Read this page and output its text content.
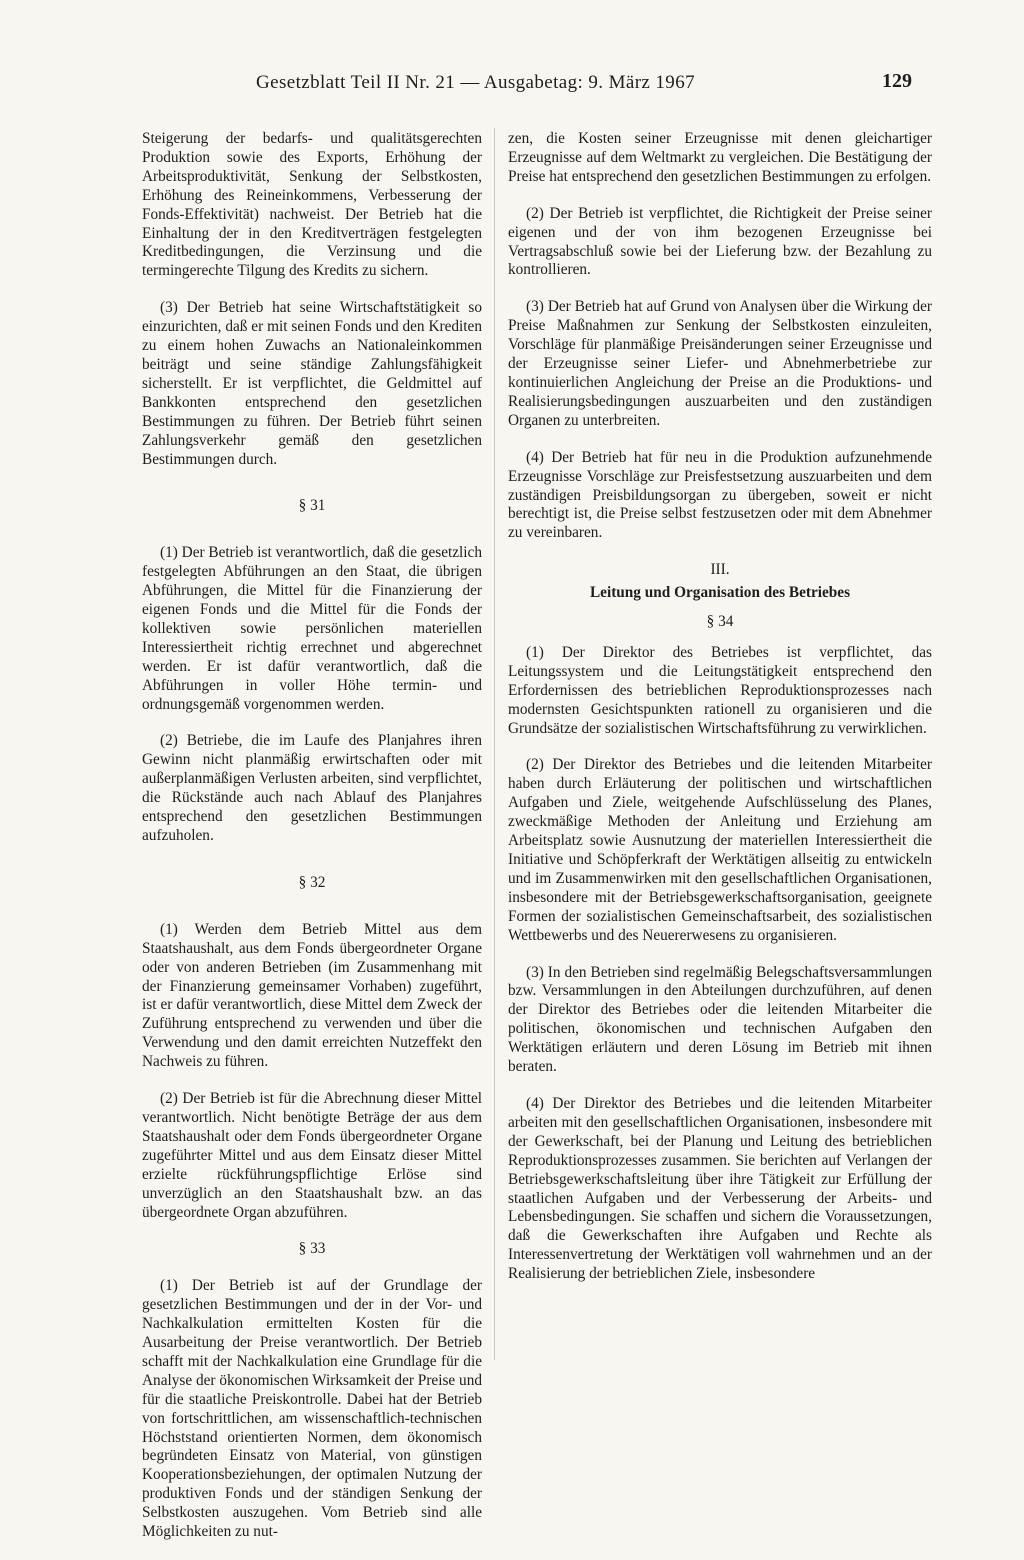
Gesetzblatt Teil II Nr. 21 — Ausgabetag: 9. März 1967	129

Steigerung der bedarfs- und qualitätsgerechten Produktion sowie des Exports, Erhöhung der Arbeitsproduktivität, Senkung der Selbstkosten, Erhöhung des Reineinkommens, Verbesserung der Fonds-Effektivität) nachweist. Der Betrieb hat die Einhaltung der in den Kreditverträgen festgelegten Kreditbedingungen, die Verzinsung und die termingerechte Tilgung des Kredits zu sichern.

(3) Der Betrieb hat seine Wirtschaftstätigkeit so einzurichten, daß er mit seinen Fonds und den Krediten zu einem hohen Zuwachs an Nationaleinkommen beiträgt und seine ständige Zahlungsfähigkeit sicherstellt. Er ist verpflichtet, die Geldmittel auf Bankkonten entsprechend den gesetzlichen Bestimmungen zu führen. Der Betrieb führt seinen Zahlungsverkehr gemäß den gesetzlichen Bestimmungen durch.

§ 31

(1) Der Betrieb ist verantwortlich, daß die gesetzlich festgelegten Abführungen an den Staat, die übrigen Abführungen, die Mittel für die Finanzierung der eigenen Fonds und die Mittel für die Fonds der kollektiven sowie persönlichen materiellen Interessiertheit richtig errechnet und abgerechnet werden. Er ist dafür verantwortlich, daß die Abführungen in voller Höhe termin- und ordnungsgemäß vorgenommen werden.

(2) Betriebe, die im Laufe des Planjahres ihren Gewinn nicht planmäßig erwirtschaften oder mit außerplanmäßigen Verlusten arbeiten, sind verpflichtet, die Rückstände auch nach Ablauf des Planjahres entsprechend den gesetzlichen Bestimmungen aufzuholen.

§ 32

(1) Werden dem Betrieb Mittel aus dem Staatshaushalt, aus dem Fonds übergeordneter Organe oder von anderen Betrieben (im Zusammenhang mit der Finanzierung gemeinsamer Vorhaben) zugeführt, ist er dafür verantwortlich, diese Mittel dem Zweck der Zuführung entsprechend zu verwenden und über die Verwendung und den damit erreichten Nutzeffekt den Nachweis zu führen.

(2) Der Betrieb ist für die Abrechnung dieser Mittel verantwortlich. Nicht benötigte Beträge der aus dem Staatshaushalt oder dem Fonds übergeordneter Organe zugeführter Mittel und aus dem Einsatz dieser Mittel erzielte rückführungspflichtige Erlöse sind unverzüglich an den Staatshaushalt bzw. an das übergeordnete Organ abzuführen.

§ 33

(1) Der Betrieb ist auf der Grundlage der gesetzlichen Bestimmungen und der in der Vor- und Nachkalkulation ermittelten Kosten für die Ausarbeitung der Preise verantwortlich. Der Betrieb schafft mit der Nachkalkulation eine Grundlage für die Analyse der ökonomischen Wirksamkeit der Preise und für die staatliche Preiskontrolle. Dabei hat der Betrieb von fortschrittlichen, am wissenschaftlich-technischen Höchststand orientierten Normen, dem ökonomisch begründeten Einsatz von Material, von günstigen Kooperationsbeziehungen, der optimalen Nutzung der produktiven Fonds und der ständigen Senkung der Selbstkosten auszugehen. Vom Betrieb sind alle Möglichkeiten zu nut-

zen, die Kosten seiner Erzeugnisse mit denen gleichartiger Erzeugnisse auf dem Weltmarkt zu vergleichen. Die Bestätigung der Preise hat entsprechend den gesetzlichen Bestimmungen zu erfolgen.

(2) Der Betrieb ist verpflichtet, die Richtigkeit der Preise seiner eigenen und der von ihm bezogenen Erzeugnisse bei Vertragsabschluß sowie bei der Lieferung bzw. der Bezahlung zu kontrollieren.

(3) Der Betrieb hat auf Grund von Analysen über die Wirkung der Preise Maßnahmen zur Senkung der Selbstkosten einzuleiten, Vorschläge für planmäßige Preisänderungen seiner Erzeugnisse und der Erzeugnisse seiner Liefer- und Abnehmerbetriebe zur kontinuierlichen Angleichung der Preise an die Produktions- und Realisierungsbedingungen auszuarbeiten und den zuständigen Organen zu unterbreiten.

(4) Der Betrieb hat für neu in die Produktion aufzunehmende Erzeugnisse Vorschläge zur Preisfestsetzung auszuarbeiten und dem zuständigen Preisbildungsorgan zu übergeben, soweit er nicht berechtigt ist, die Preise selbst festzusetzen oder mit dem Abnehmer zu vereinbaren.

III.
Leitung und Organisation des Betriebes
§ 34

(1) Der Direktor des Betriebes ist verpflichtet, das Leitungssystem und die Leitungstätigkeit entsprechend den Erfordernissen des betrieblichen Reproduktionsprozesses nach modernsten Gesichtspunkten rationell zu organisieren und die Grundsätze der sozialistischen Wirtschaftsführung zu verwirklichen.

(2) Der Direktor des Betriebes und die leitenden Mitarbeiter haben durch Erläuterung der politischen und wirtschaftlichen Aufgaben und Ziele, weitgehende Aufschlüsselung des Planes, zweckmäßige Methoden der Anleitung und Erziehung am Arbeitsplatz sowie Ausnutzung der materiellen Interessiertheit die Initiative und Schöpferkraft der Werktätigen allseitig zu entwickeln und im Zusammenwirken mit den gesellschaftlichen Organisationen, insbesondere mit der Betriebsgewerkschaftsorganisation, geeignete Formen der sozialistischen Gemeinschaftsarbeit, des sozialistischen Wettbewerbs und des Neuererwesens zu organisieren.

(3) In den Betrieben sind regelmäßig Belegschaftsversammlungen bzw. Versammlungen in den Abteilungen durchzuführen, auf denen der Direktor des Betriebes oder die leitenden Mitarbeiter die politischen, ökonomischen und technischen Aufgaben den Werktätigen erläutern und deren Lösung im Betrieb mit ihnen beraten.

(4) Der Direktor des Betriebes und die leitenden Mitarbeiter arbeiten mit den gesellschaftlichen Organisationen, insbesondere mit der Gewerkschaft, bei der Planung und Leitung des betrieblichen Reproduktionsprozesses zusammen. Sie berichten auf Verlangen der Betriebsgewerkschaftsleitung über ihre Tätigkeit zur Erfüllung der staatlichen Aufgaben und der Verbesserung der Arbeits- und Lebensbedingungen. Sie schaffen und sichern die Voraussetzungen, daß die Gewerkschaften ihre Aufgaben und Rechte als Interessenvertretung der Werktätigen voll wahrnehmen und an der Realisierung der betrieblichen Ziele, insbesondere
